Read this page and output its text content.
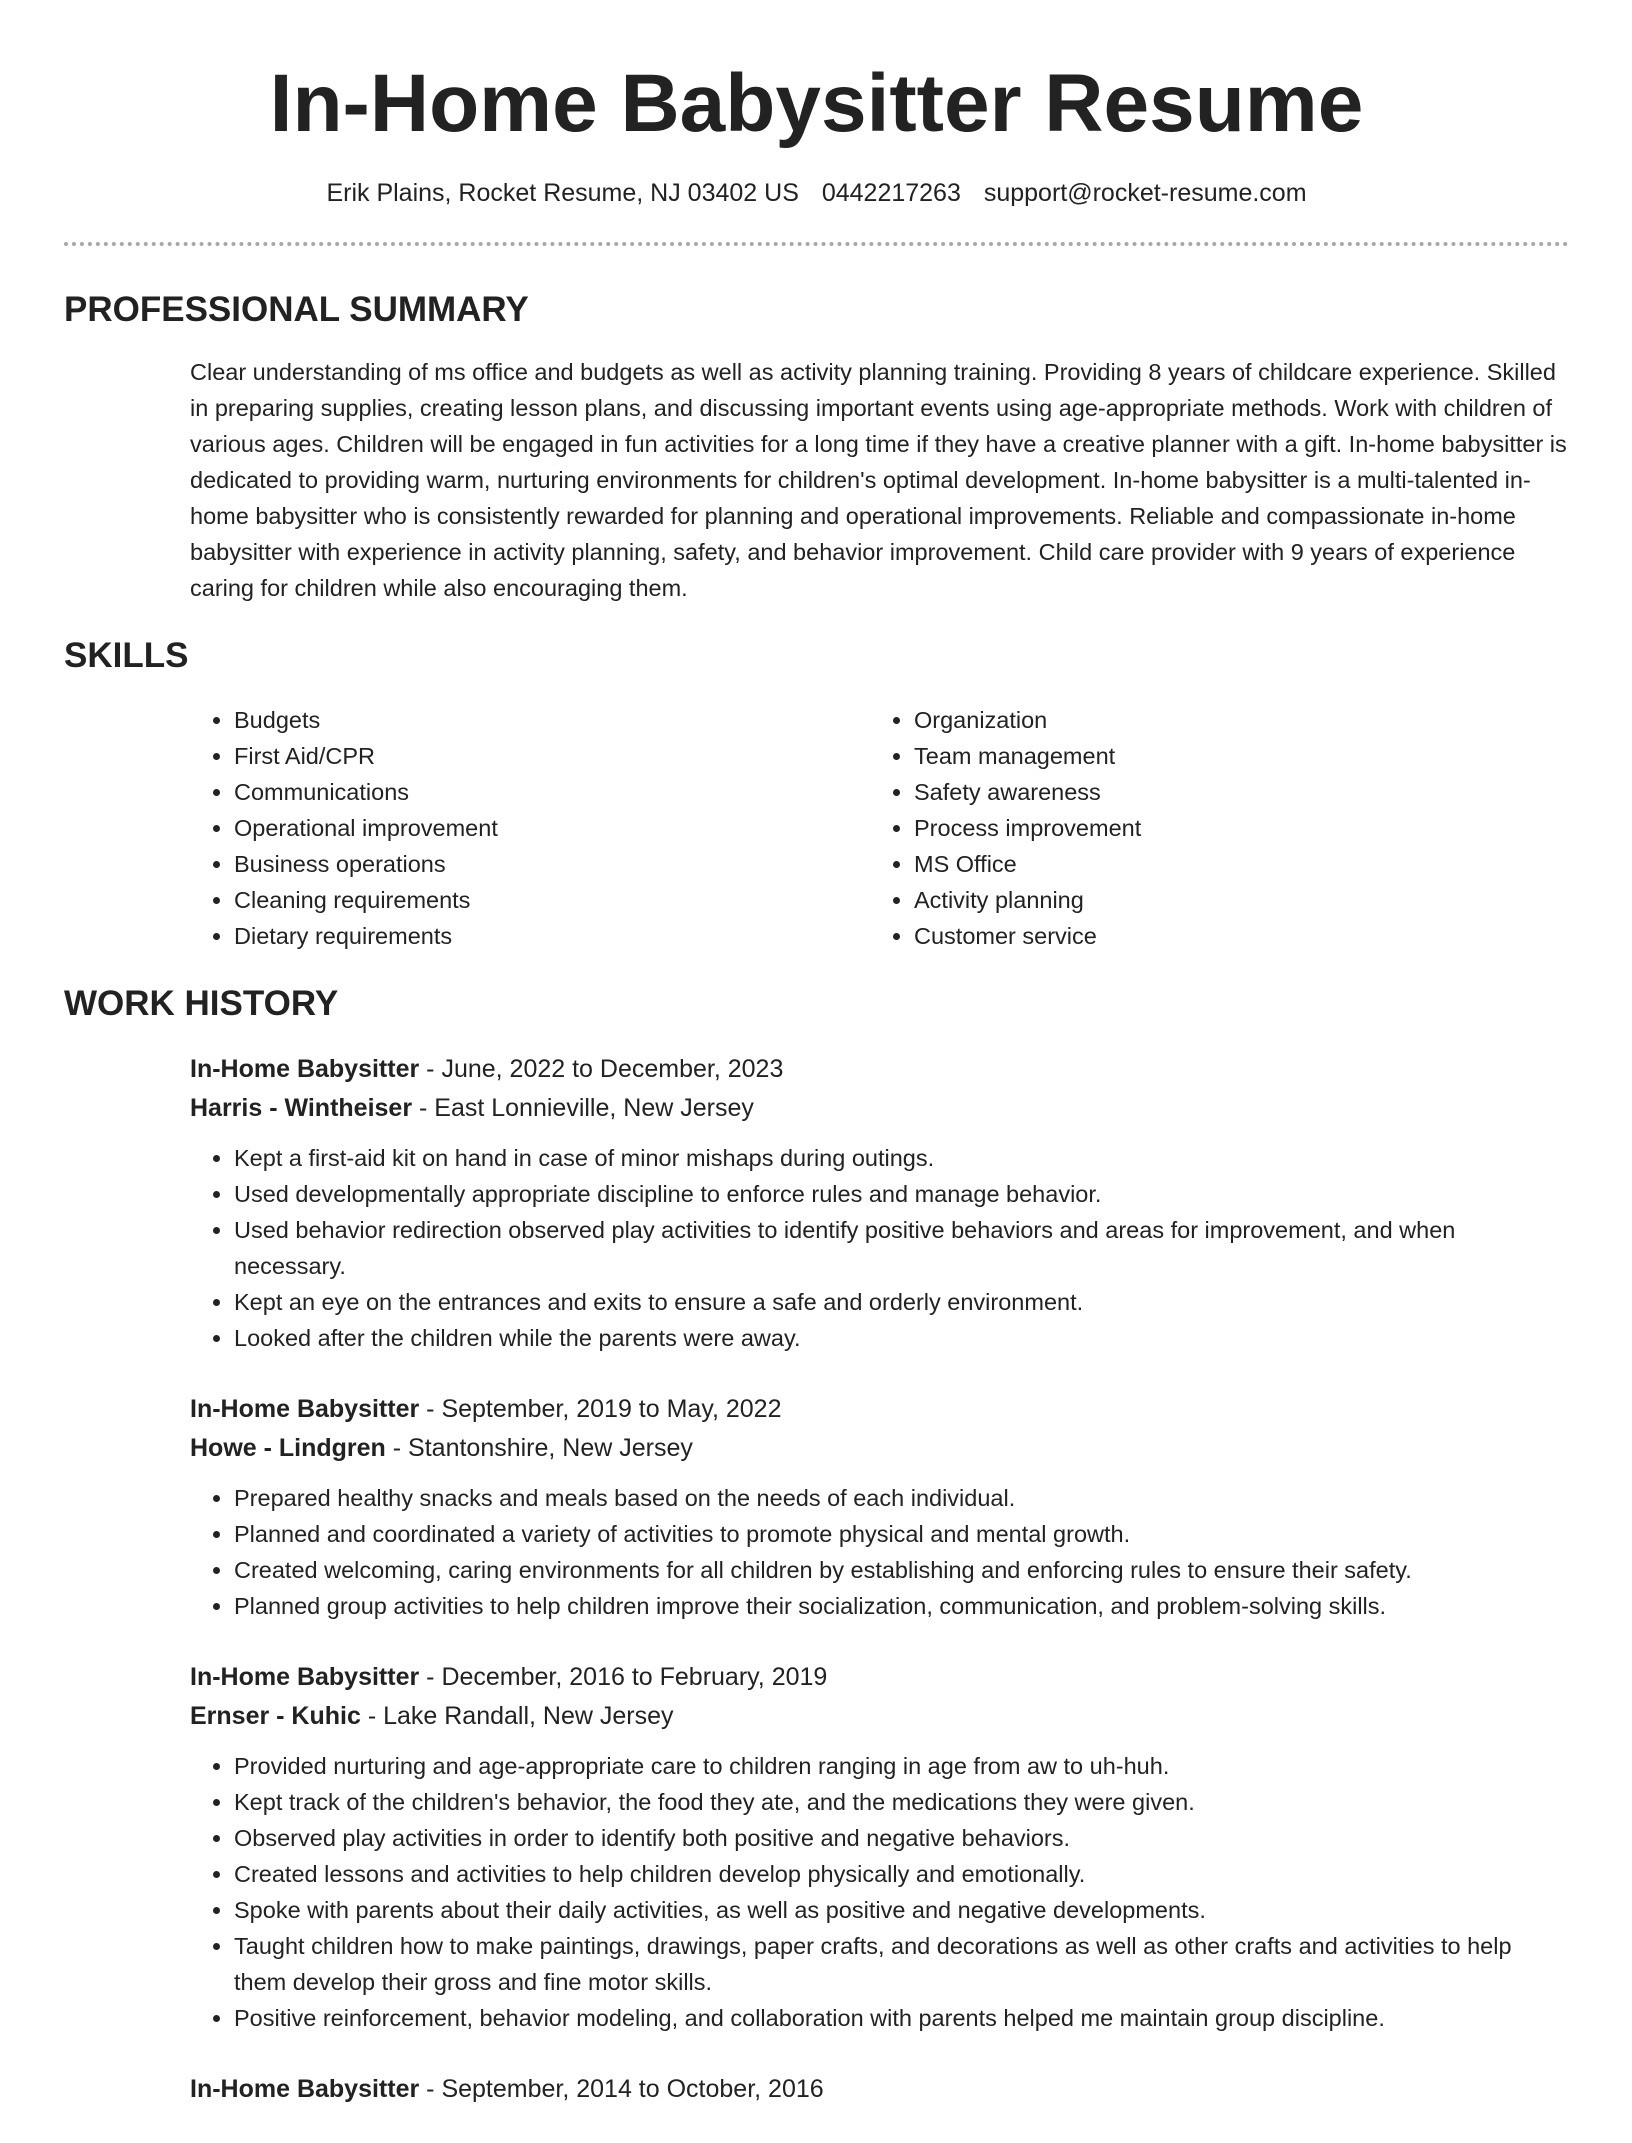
In-Home Babysitter Resume
Erik Plains, Rocket Resume, NJ 03402 US 0442217263 support@rocket-resume.com
PROFESSIONAL SUMMARY

Clear understanding of ms office and budgets as well as activity planning training. Providing 8 years of childcare experience. Skilled in preparing supplies, creating lesson plans, and discussing important events using age-appropriate methods. Work with children of various ages. Children will be engaged in fun activities for a long time if they have a creative planner with a gift. In-home babysitter is dedicated to providing warm, nurturing environments for children's optimal development. In-home babysitter is a multi-talented in-home babysitter who is consistently rewarded for planning and operational improvements. Reliable and compassionate in-home babysitter with experience in activity planning, safety, and behavior improvement. Child care provider with 9 years of experience caring for children while also encouraging them.

SKILLS
• Budgets
• First Aid/CPR
• Communications
• Operational improvement
• Business operations
• Cleaning requirements
• Dietary requirements
• Organization
• Team management
• Safety awareness
• Process improvement
• MS Office
• Activity planning
• Customer service
WORK HISTORY
In-Home Babysitter - June, 2022 to December, 2023
Harris - Wintheiser - East Lonnieville, New Jersey
• Kept a first-aid kit on hand in case of minor mishaps during outings.
• Used developmentally appropriate discipline to enforce rules and manage behavior.
• Used behavior redirection observed play activities to identify positive behaviors and areas for improvement, and when necessary.
• Kept an eye on the entrances and exits to ensure a safe and orderly environment.
• Looked after the children while the parents were away.
In-Home Babysitter - September, 2019 to May, 2022
Howe - Lindgren - Stantonshire, New Jersey
• Prepared healthy snacks and meals based on the needs of each individual.
• Planned and coordinated a variety of activities to promote physical and mental growth.
• Created welcoming, caring environments for all children by establishing and enforcing rules to ensure their safety.
• Planned group activities to help children improve their socialization, communication, and problem-solving skills.
In-Home Babysitter - December, 2016 to February, 2019
Ernser - Kuhic - Lake Randall, New Jersey
• Provided nurturing and age-appropriate care to children ranging in age from aw to uh-huh.
• Kept track of the children's behavior, the food they ate, and the medications they were given.
• Observed play activities in order to identify both positive and negative behaviors.
• Created lessons and activities to help children develop physically and emotionally.
• Spoke with parents about their daily activities, as well as positive and negative developments.
• Taught children how to make paintings, drawings, paper crafts, and decorations as well as other crafts and activities to help them develop their gross and fine motor skills.
• Positive reinforcement, behavior modeling, and collaboration with parents helped me maintain group discipline.
In-Home Babysitter - September, 2014 to October, 2016
